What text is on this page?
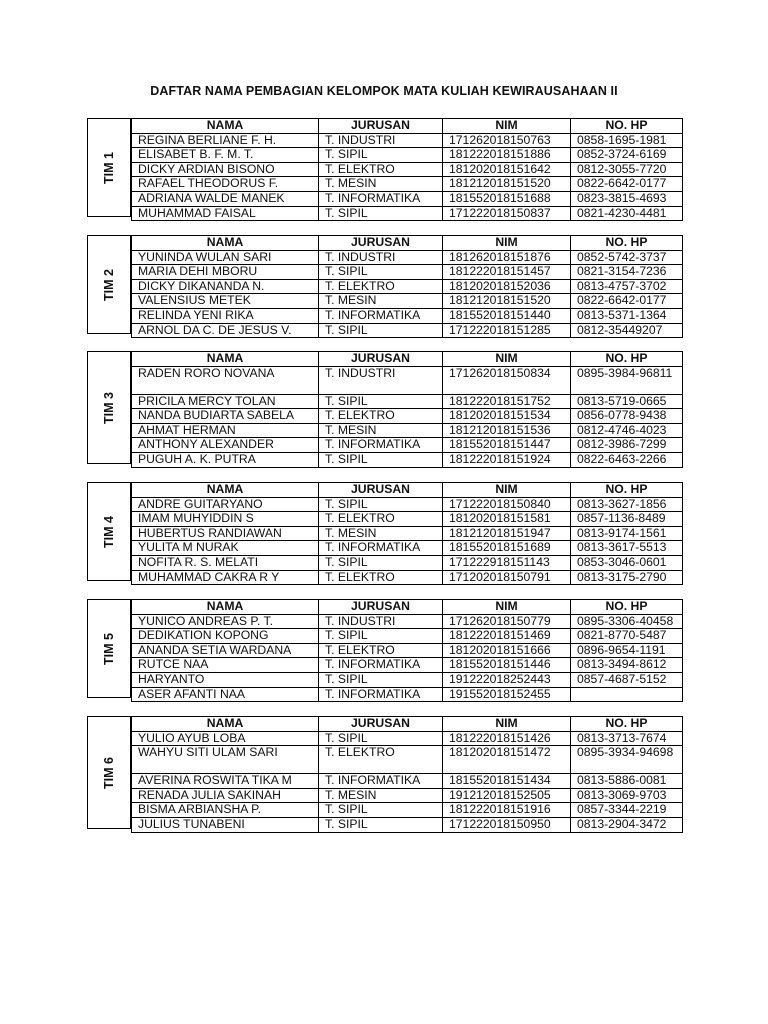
DAFTAR NAMA PEMBAGIAN KELOMPOK MATA KULIAH KEWIRAUSAHAAN II
TIM 1
NAMA	JURUSAN	NIM	NO. HP
REGINA BERLIANE F. H.	T. INDUSTRI	171262018150763	0858-1695-1981
ELISABET B. F. M. T.	T. SIPIL	181222018151886	0852-3724-6169
DICKY ARDIAN BISONO	T. ELEKTRO	181202018151642	0812-3055-7720
RAFAEL THEODORUS F.	T. MESIN	181212018151520	0822-6642-0177
ADRIANA WALDE MANEK	T. INFORMATIKA	181552018151688	0823-3815-4693
MUHAMMAD FAISAL	T. SIPIL	171222018150837	0821-4230-4481
TIM 2
NAMA	JURUSAN	NIM	NO. HP
YUNINDA WULAN SARI	T. INDUSTRI	181262018151876	0852-5742-3737
MARIA DEHI MBORU	T. SIPIL	181222018151457	0821-3154-7236
DICKY DIKANANDA N.	T. ELEKTRO	181202018152036	0813-4757-3702
VALENSIUS METEK	T. MESIN	181212018151520	0822-6642-0177
RELINDA YENI RIKA	T. INFORMATIKA	181552018151440	0813-5371-1364
ARNOL DA C. DE JESUS V.	T. SIPIL	171222018151285	0812-35449207
TIM 3
NAMA	JURUSAN	NIM	NO. HP
RADEN RORO NOVANA	T. INDUSTRI	171262018150834	0895-3984-96811
PRICILA MERCY TOLAN	T. SIPIL	181222018151752	0813-5719-0665
NANDA BUDIARTA SABELA	T. ELEKTRO	181202018151534	0856-0778-9438
AHMAT HERMAN	T. MESIN	181212018151536	0812-4746-4023
ANTHONY ALEXANDER	T. INFORMATIKA	181552018151447	0812-3986-7299
PUGUH A. K. PUTRA	T. SIPIL	181222018151924	0822-6463-2266
TIM 4
NAMA	JURUSAN	NIM	NO. HP
ANDRE GUITARYANO	T. SIPIL	171222018150840	0813-3627-1856
IMAM MUHYIDDIN S	T. ELEKTRO	181202018151581	0857-1136-8489
HUBERTUS RANDIAWAN	T. MESIN	181212018151947	0813-9174-1561
YULITA M NURAK	T. INFORMATIKA	181552018151689	0813-3617-5513
NOFITA R. S. MELATI	T. SIPIL	171222918151143	0853-3046-0601
MUHAMMAD CAKRA R Y	T. ELEKTRO	171202018150791	0813-3175-2790
TIM 5
NAMA	JURUSAN	NIM	NO. HP
YUNICO ANDREAS P. T.	T. INDUSTRI	171262018150779	0895-3306-40458
DEDIKATION KOPONG	T. SIPIL	181222018151469	0821-8770-5487
ANANDA SETIA WARDANA	T. ELEKTRO	181202018151666	0896-9654-1191
RUTCE NAA	T. INFORMATIKA	181552018151446	0813-3494-8612
HARYANTO	T. SIPIL	191222018252443	0857-4687-5152
ASER AFANTI NAA	T. INFORMATIKA	191552018152455	
TIM 6
NAMA	JURUSAN	NIM	NO. HP
YULIO AYUB LOBA	T. SIPIL	181222018151426	0813-3713-7674
WAHYU SITI ULAM SARI	T. ELEKTRO	181202018151472	0895-3934-94698
AVERINA ROSWITA TIKA M	T. INFORMATIKA	181552018151434	0813-5886-0081
RENADA JULIA SAKINAH	T. MESIN	191212018152505	0813-3069-9703
BISMA ARBIANSHA P.	T. SIPIL	181222018151916	0857-3344-2219
JULIUS TUNABENI	T. SIPIL	171222018150950	0813-2904-3472
